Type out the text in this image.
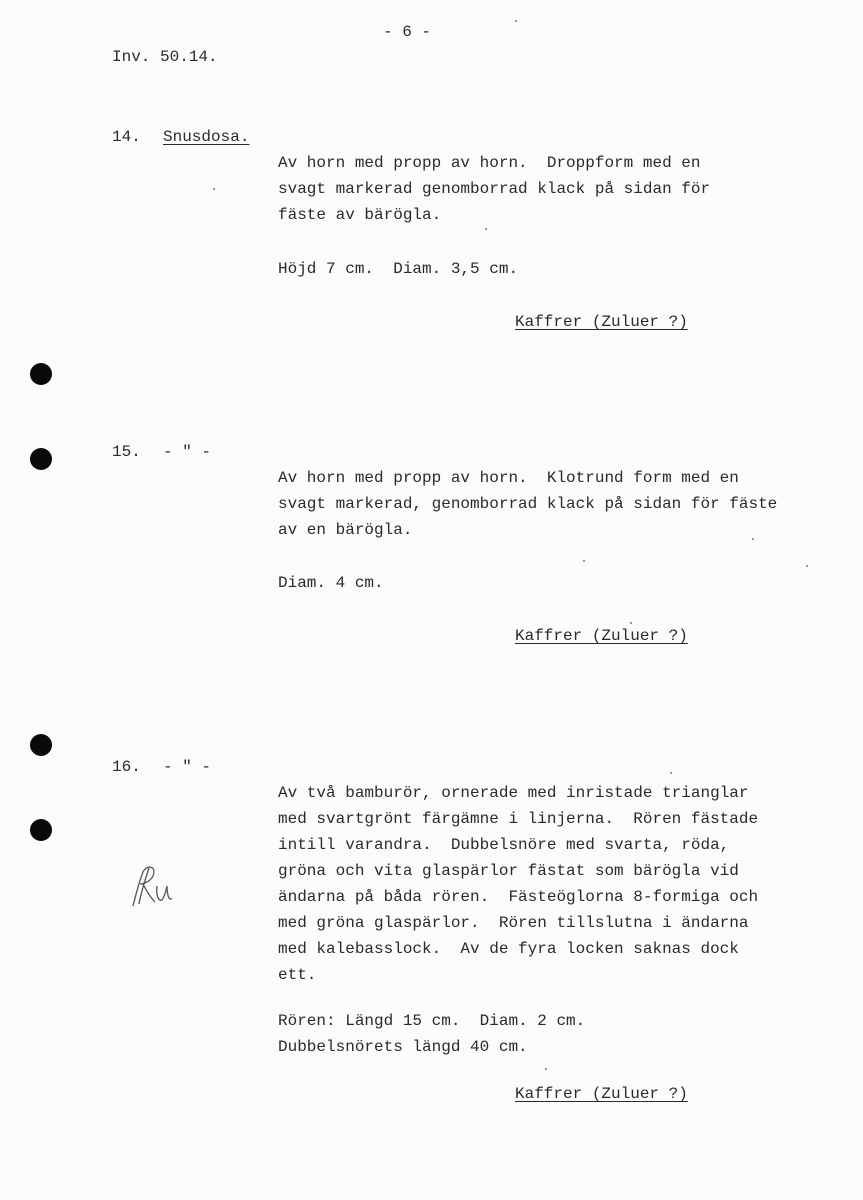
- 6 -
Inv. 50.14.
14. Snusdosa.
Av horn med propp av horn.  Droppform med en
svagt markerad genomborrad klack på sidan för
fäste av bärögla.
Höjd 7 cm.  Diam. 3,5 cm.
Kaffrer (Zuluer ?)
15. - " -
Av horn med propp av horn.  Klotrund form med en
svagt markerad, genomborrad klack på sidan för fäste
av en bärögla.
Diam. 4 cm.
Kaffrer (Zuluer ?)
16. - " -
Av två bamburör, ornerade med inristade trianglar
med svartgrönt färgämne i linjerna.  Rören fästade
intill varandra.  Dubbelsnöre med svarta, röda,
gröna och vita glaspärlor fästat som bärögla vid
ändarna på båda rören.  Fästeöglorna 8-formiga och
med gröna glaspärlor.  Rören tillslutna i ändarna
med kalebasslock.  Av de fyra locken saknas dock
ett.
Rören: Längd 15 cm.  Diam. 2 cm.
Dubbelsnörets längd 40 cm.
Kaffrer (Zuluer ?)
